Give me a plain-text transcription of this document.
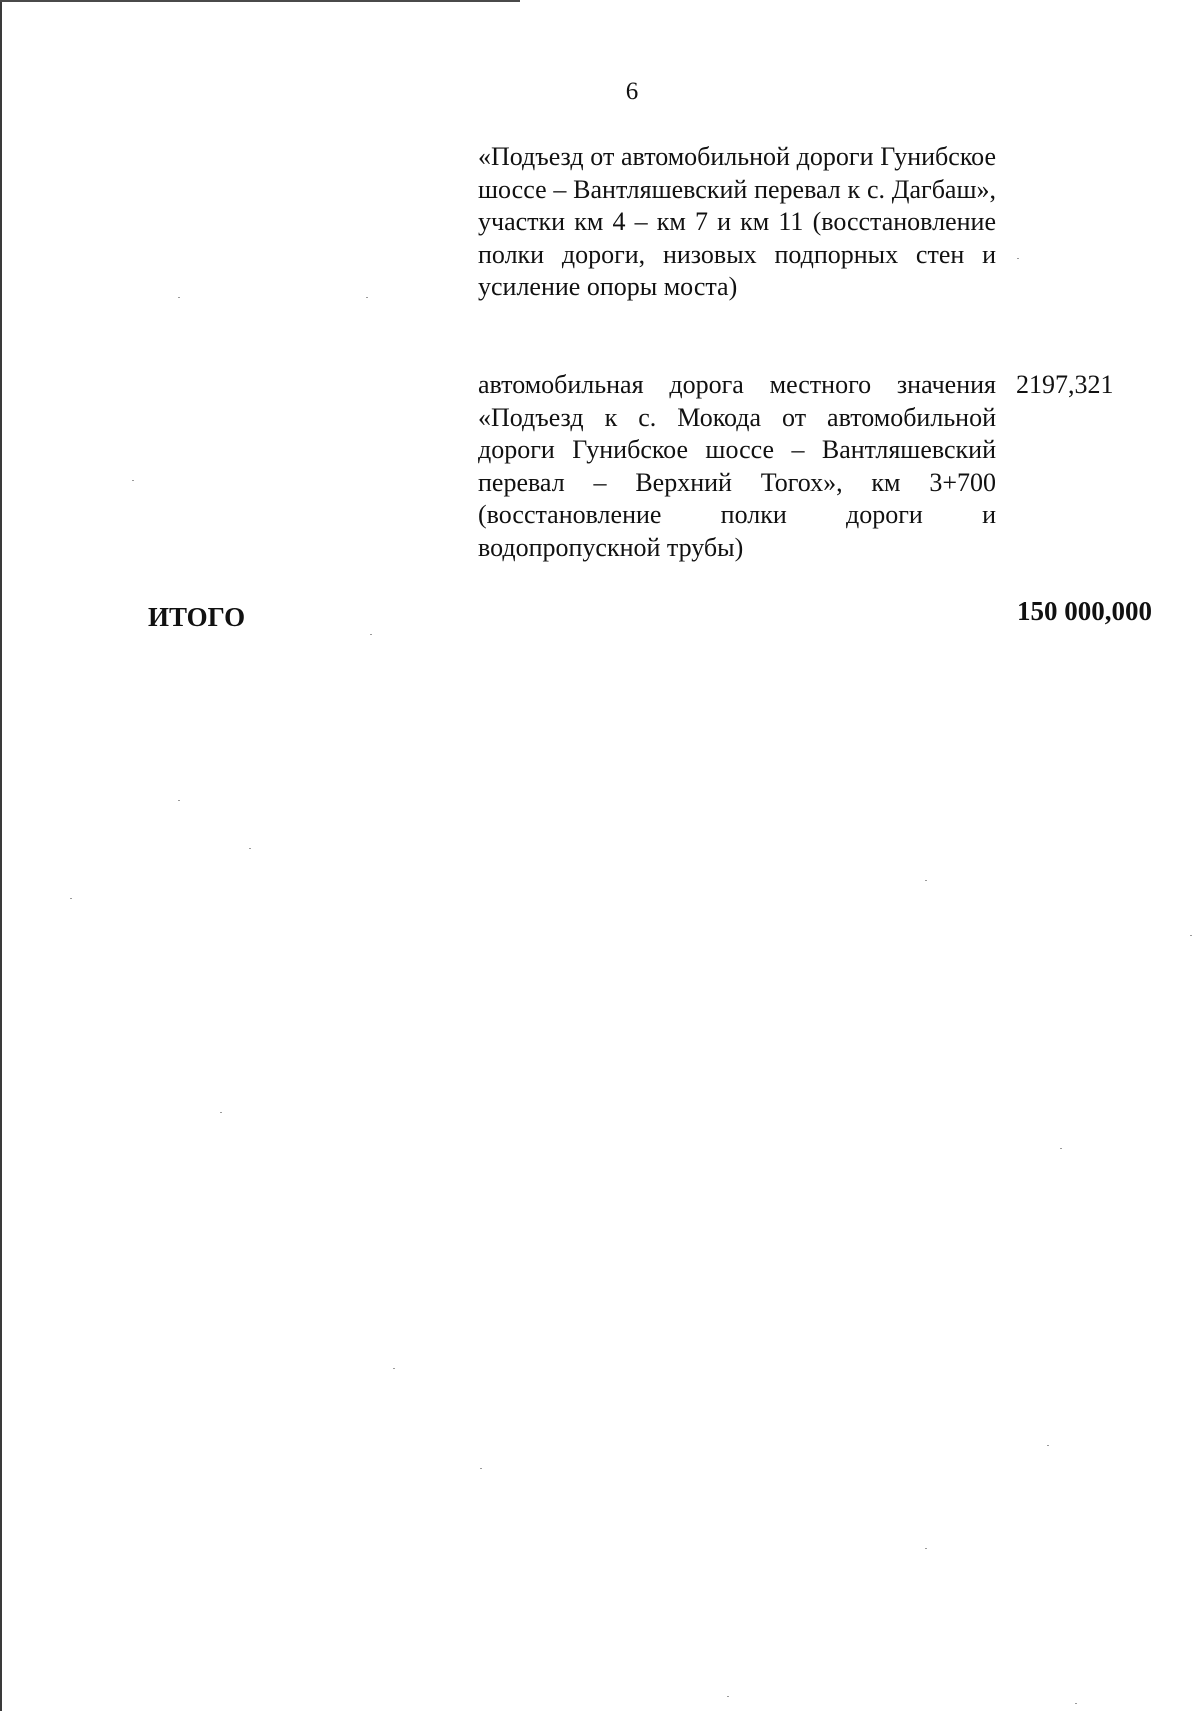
6
«Подъезд от автомобильной дороги Гунибское шоссе – Вантляшевский перевал к с. Дагбаш», участки км 4 – км 7 и км 11 (восстановление полки дороги, низовых подпорных стен и усиление опоры моста)
автомобильная дорога местного значения «Подъезд к с. Мокода от автомобильной дороги Гунибское шоссе – Вантляшевский перевал – Верхний Тогох», км 3+700 (восстановление полки дороги и водопропускной трубы)
2197,321
ИТОГО	150 000,000
